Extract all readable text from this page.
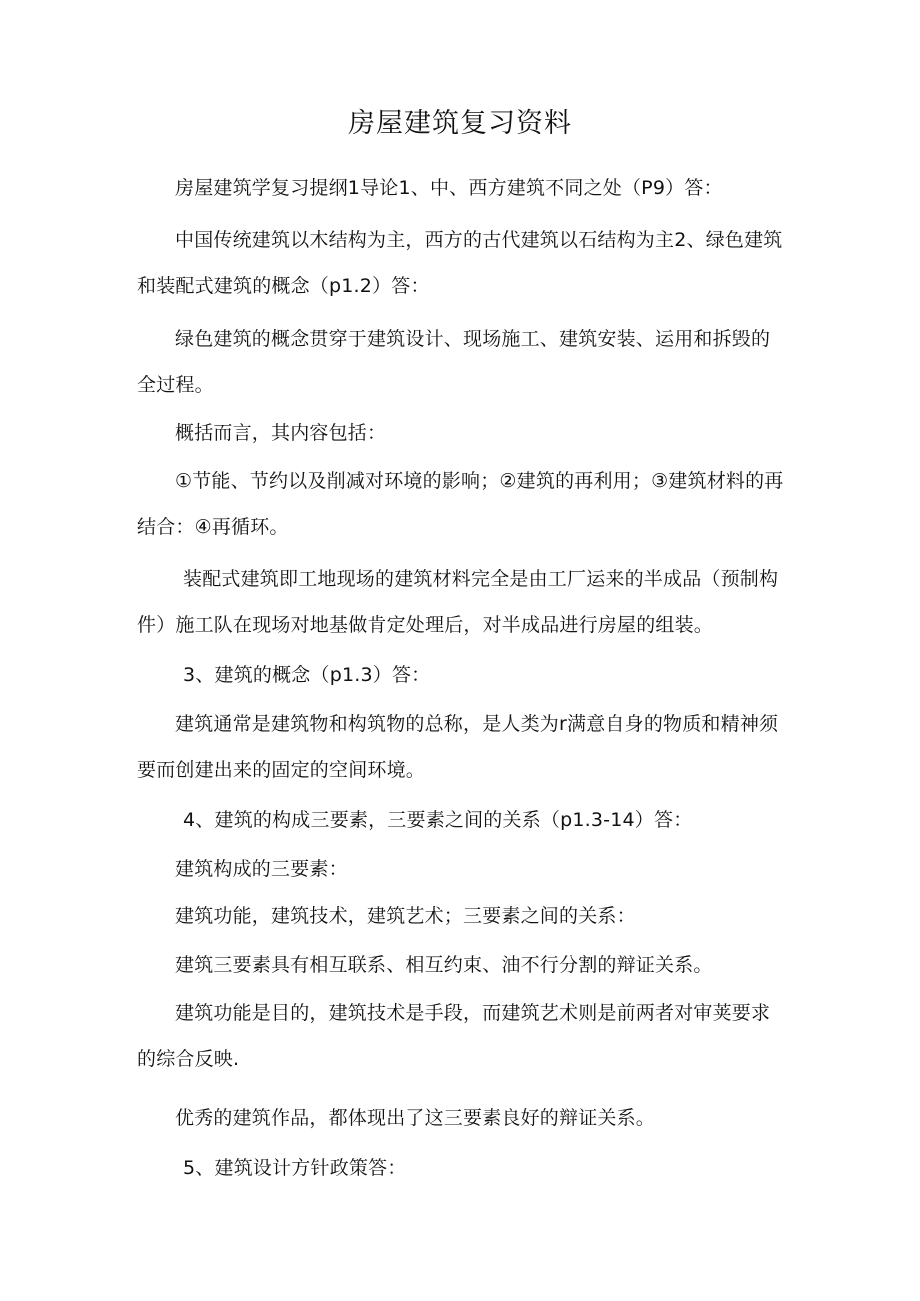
房屋建筑复习资料

房屋建筑学复习提纲1导论1、中、西方建筑不同之处（P9）答：

中国传统建筑以木结构为主，西方的古代建筑以石结构为主2、绿色建筑和装配式建筑的概念（p1.2）答：

绿色建筑的概念贯穿于建筑设计、现场施工、建筑安装、运用和拆毁的全过程。

概括而言，其内容包括：

①节能、节约以及削减对环境的影响；②建筑的再利用；③建筑材料的再结合：④再循环。

装配式建筑即工地现场的建筑材料完全是由工厂运来的半成品（预制构件）施工队在现场对地基做肯定处理后，对半成品进行房屋的组装。

3、建筑的概念（p1.3）答：

建筑通常是建筑物和构筑物的总称，是人类为r满意自身的物质和精神须要而创建出来的固定的空间环境。

4、建筑的构成三要素，三要素之间的关系（p1.3-14）答：

建筑构成的三要素：

建筑功能，建筑技术，建筑艺术；三要素之间的关系：

建筑三要素具有相互联系、相互约束、油不行分割的辩证关系。

建筑功能是目的，建筑技术是手段，而建筑艺术则是前两者对审荚要求的综合反映.

优秀的建筑作品，都体现出了这三要素良好的辩证关系。

5、建筑设计方针政策答：
